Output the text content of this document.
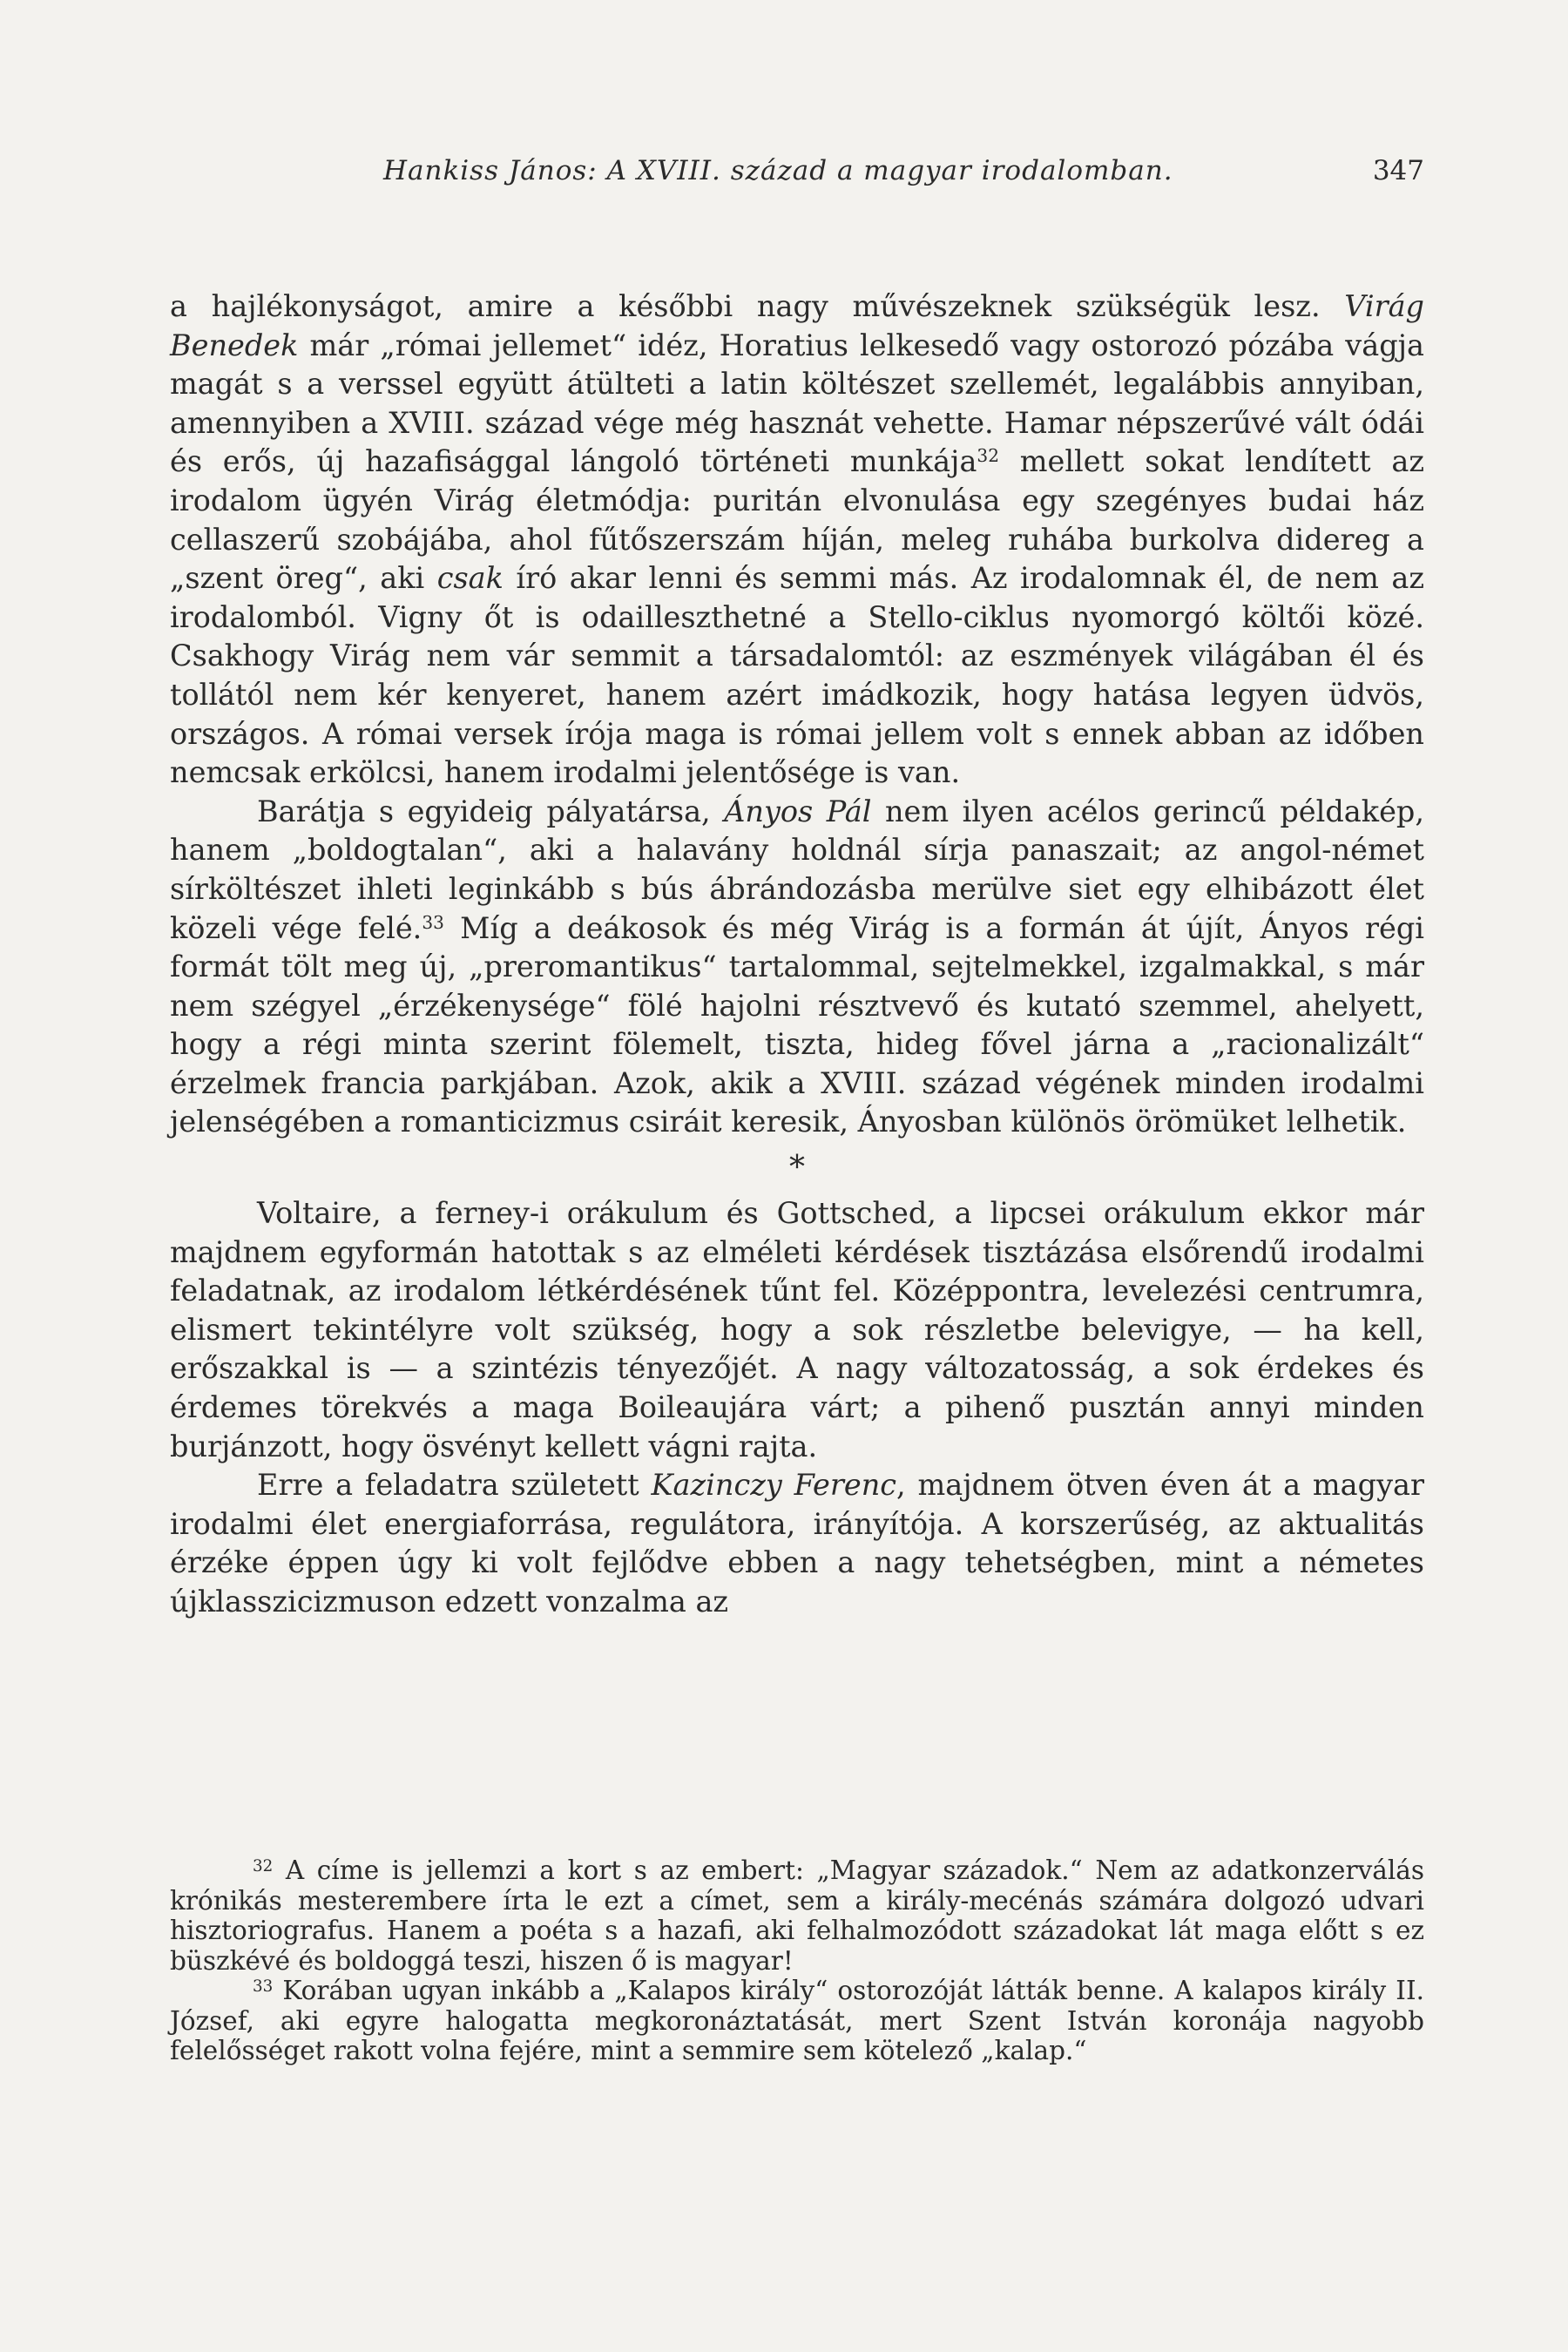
Hankiss János: A XVIII. század a magyar irodalomban.	347

a hajlékonyságot, amire a későbbi nagy művészeknek szükségük lesz. Virág Benedek már „római jellemet“ idéz, Horatius lelkesedő vagy ostorozó pózába vágja magát s a verssel együtt átülteti a latin költészet szellemét, legalábbis annyiban, amennyiben a XVIII. század vége még hasznát vehette. Hamar népszerűvé vált ódái és erős, új hazafisággal lángoló történeti munkája$^{32}$ mellett sokat lendített az irodalom ügyén Virág életmódja: puritán elvonulása egy szegényes budai ház cellaszerű szobájába, ahol fűtőszerszám híján, meleg ruhába burkolva didereg a „szent öreg“, aki csak író akar lenni és semmi más. Az irodalomnak él, de nem az irodalomból. Vigny őt is odailleszthetné a Stello-ciklus nyomorgó költői közé. Csakhogy Virág nem vár semmit a társadalomtól: az eszmények világában él és tollától nem kér kenyeret, hanem azért imádkozik, hogy hatása legyen üdvös, országos. A római versek írója maga is római jellem volt s ennek abban az időben nemcsak erkölcsi, hanem irodalmi jelentősége is van.

Barátja s egyideig pályatársa, Ányos Pál nem ilyen acélos gerincű példakép, hanem „boldogtalan“, aki a halavány holdnál sírja panaszait; az angol-német sírköltészet ihleti leginkább s bús ábrándozásba merülve siet egy elhibázott élet közeli vége felé.$^{33}$ Míg a deákosok és még Virág is a formán át újít, Ányos régi formát tölt meg új, „preromantikus“ tartalommal, sejtelmekkel, izgalmakkal, s már nem szégyel „érzékenysége“ fölé hajolni résztvevő és kutató szemmel, ahelyett, hogy a régi minta szerint fölemelt, tiszta, hideg fővel járna a „racionalizált“ érzelmek francia parkjában. Azok, akik a XVIII. század végének minden irodalmi jelenségében a romanticizmus csiráit keresik, Ányosban különös örömüket lelhetik.

*

Voltaire, a ferney-i orákulum és Gottsched, a lipcsei orákulum ekkor már majdnem egyformán hatottak s az elméleti kérdések tisztázása elsőrendű irodalmi feladatnak, az irodalom létkérdésének tűnt fel. Középpontra, levelezési centrumra, elismert tekintélyre volt szükség, hogy a sok részletbe belevigye, — ha kell, erőszakkal is — a szintézis tényezőjét. A nagy változatosság, a sok érdekes és érdemes törekvés a maga Boileaujára várt; a pihenő pusztán annyi minden burjánzott, hogy ösvényt kellett vágni rajta.

Erre a feladatra született Kazinczy Ferenc, majdnem ötven éven át a magyar irodalmi élet energiaforrása, regulátora, irányítója. A korszerűség, az aktualitás érzéke éppen úgy ki volt fejlődve ebben a nagy tehetségben, mint a németes újklasszicizmuson edzett vonzalma az

$^{32}$ A címe is jellemzi a kort s az embert: „Magyar századok.“ Nem az adatkonzerválás krónikás mesterembere írta le ezt a címet, sem a király-mecénás számára dolgozó udvari hisztoriografus. Hanem a poéta s a hazafi, aki felhalmozódott századokat lát maga előtt s ez büszkévé és boldoggá teszi, hiszen ő is magyar!

$^{33}$ Korában ugyan inkább a „Kalapos király“ ostorozóját látták benne. A kalapos király II. József, aki egyre halogatta megkoronáztatását, mert Szent István koronája nagyobb felelősséget rakott volna fejére, mint a semmire sem kötelező „kalap.“
